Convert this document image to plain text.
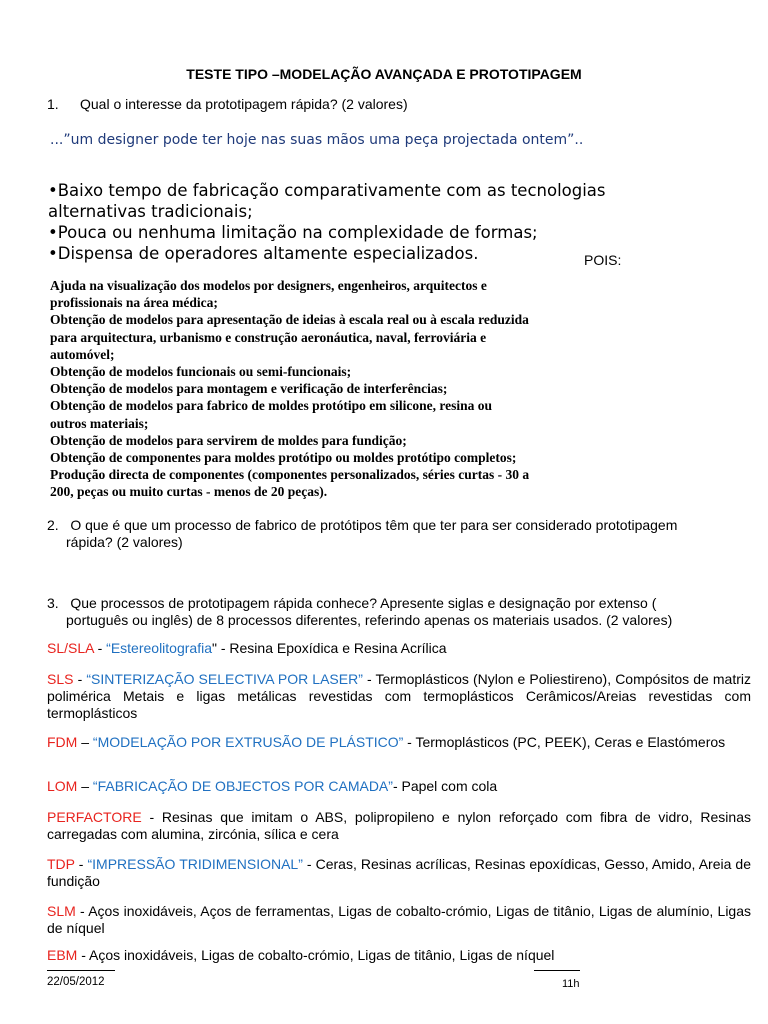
TESTE TIPO –MODELAÇÃO AVANÇADA E PROTOTIPAGEM
1. Qual o interesse da prototipagem rápida? (2 valores)
...”um designer pode ter hoje nas suas mãos uma peça projectada ontem”..
•Baixo tempo de fabricação comparativamente com as tecnologias
alternativas tradicionais;
•Pouca ou nenhuma limitação na complexidade de formas;
•Dispensa de operadores altamente especializados.	POIS:
Ajuda na visualização dos modelos por designers, engenheiros, arquitectos e
profissionais na área médica;
Obtenção de modelos para apresentação de ideias à escala real ou à escala reduzida
para arquitectura, urbanismo e construção aeronáutica, naval, ferroviária e
automóvel;
Obtenção de modelos funcionais ou semi-funcionais;
Obtenção de modelos para montagem e verificação de interferências;
Obtenção de modelos para fabrico de moldes protótipo em silicone, resina ou
outros materiais;
Obtenção de modelos para servirem de moldes para fundição;
Obtenção de componentes para moldes protótipo ou moldes protótipo completos;
Produção directa de componentes (componentes personalizados, séries curtas - 30 a
200, peças ou muito curtas - menos de 20 peças).
2. O que é que um processo de fabrico de protótipos têm que ter para ser considerado prototipagem
rápida? (2 valores)
3. Que processos de prototipagem rápida conhece? Apresente siglas e designação por extenso (
português ou inglês) de 8 processos diferentes, referindo apenas os materiais usados. (2 valores)
SL/SLA - “Estereolitografia" - Resina Epoxídica e Resina Acrílica
SLS - “SINTERIZAÇÃO SELECTIVA POR LASER” - Termoplásticos (Nylon e Poliestireno), Compósitos de matriz polimérica Metais e ligas metálicas revestidas com termoplásticos Cerâmicos/Areias revestidas com termoplásticos
FDM – “MODELAÇÃO POR EXTRUSÃO DE PLÁSTICO” - Termoplásticos (PC, PEEK), Ceras e Elastómeros
LOM – “FABRICAÇÃO DE OBJECTOS POR CAMADA”- Papel com cola
PERFACTORE - Resinas que imitam o ABS, polipropileno e nylon reforçado com fibra de vidro, Resinas carregadas com alumina, zircónia, sílica e cera
TDP - “IMPRESSÃO TRIDIMENSIONAL” - Ceras, Resinas acrílicas, Resinas epoxídicas, Gesso, Amido, Areia de fundição
SLM - Aços inoxidáveis, Aços de ferramentas, Ligas de cobalto-crómio, Ligas de titânio, Ligas de alumínio, Ligas de níquel
EBM - Aços inoxidáveis, Ligas de cobalto-crómio, Ligas de titânio, Ligas de níquel
22/05/2012	11h
